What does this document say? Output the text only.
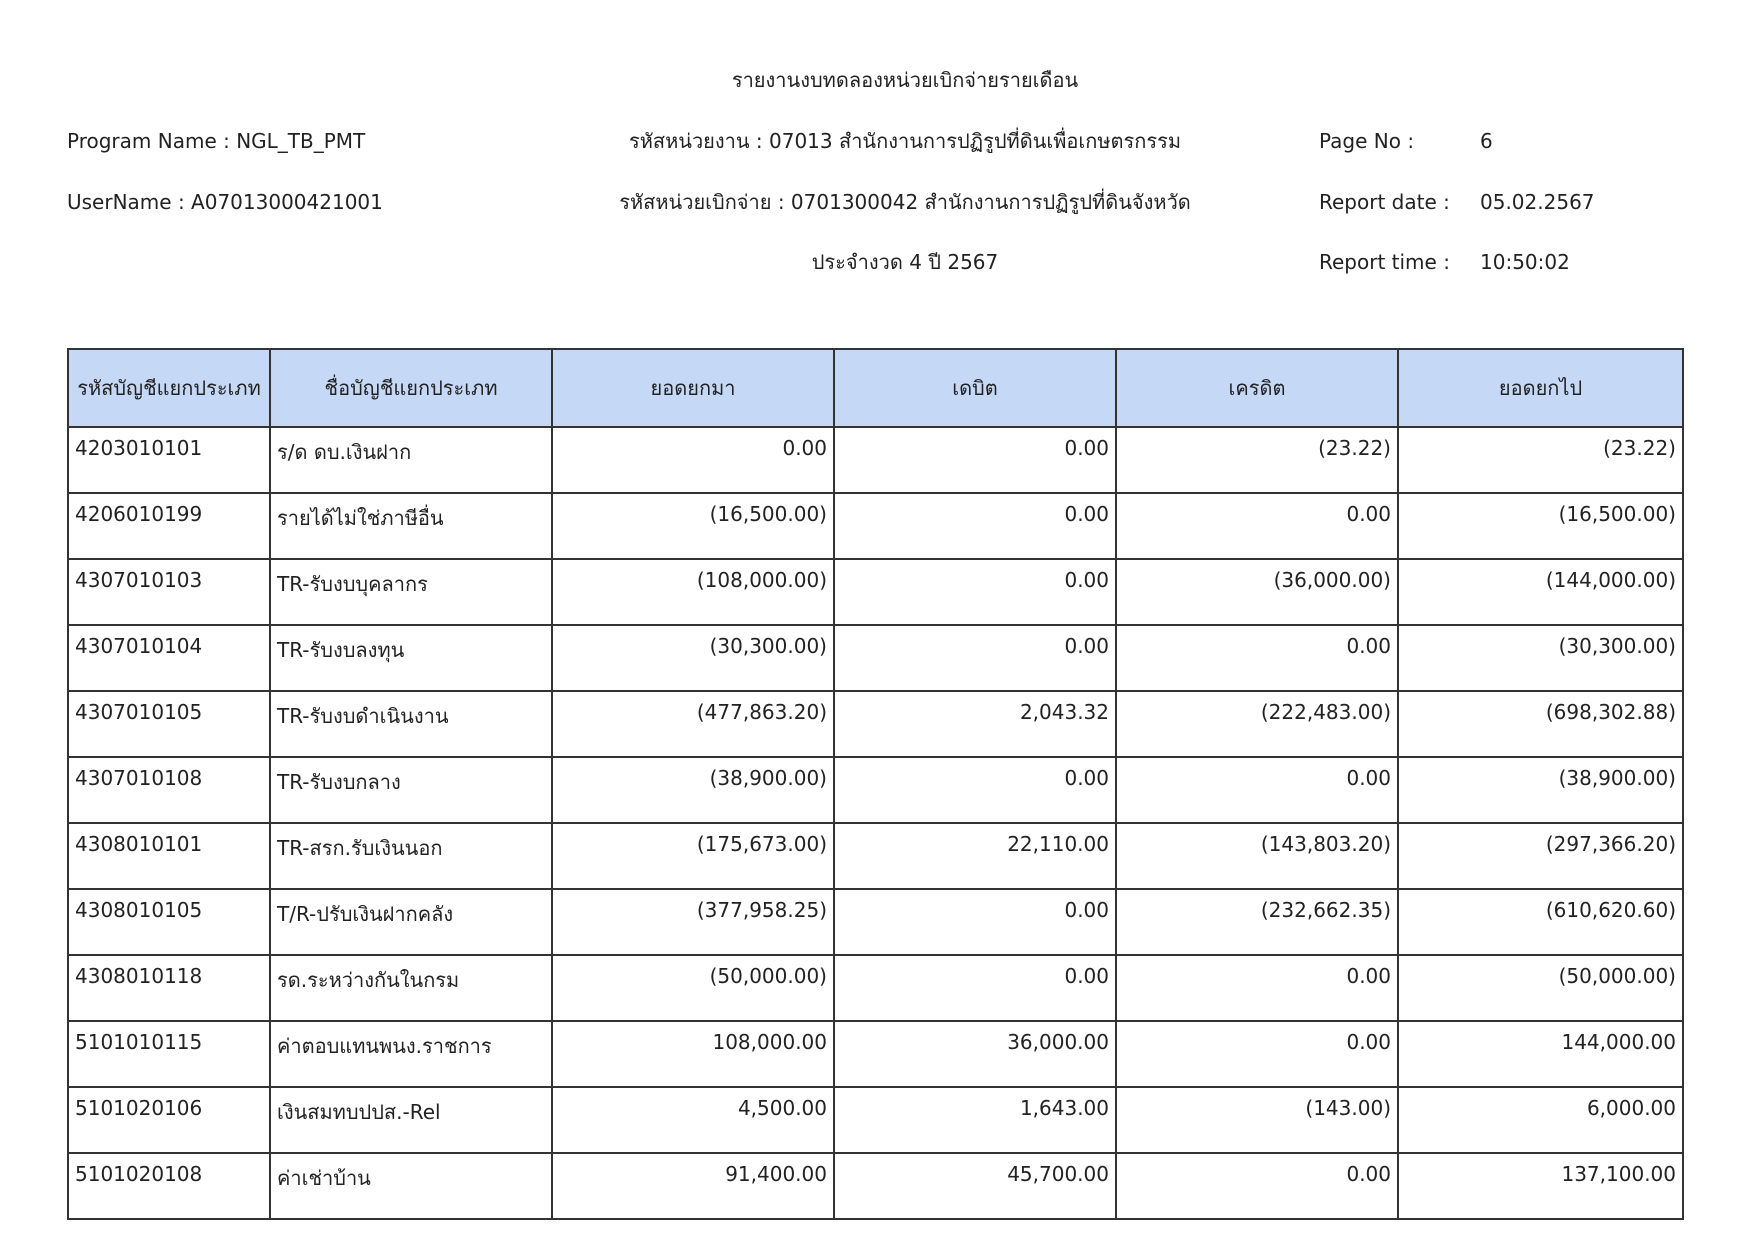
รายงานงบทดลองหน่วยเบิกจ่ายรายเดือน
Program Name : NGL_TB_PMT	รหัสหน่วยงาน : 07013 สำนักงานการปฏิรูปที่ดินเพื่อเกษตรกรรม	Page No :	6
UserName : A07013000421001	รหัสหน่วยเบิกจ่าย : 0701300042 สำนักงานการปฏิรูปที่ดินจังหวัด	Report date : 05.02.2567
ประจำงวด 4 ปี 2567	Report time : 10:50:02
รหัสบัญชีแยกประเภท	ชื่อบัญชีแยกประเภท	ยอดยกมา	เดบิต	เครดิต	ยอดยกไป
4203010101	ร/ด ดบ.เงินฝาก	0.00	0.00	(23.22)	(23.22)
4206010199	รายได้ไม่ใช่ภาษีอื่น	(16,500.00)	0.00	0.00	(16,500.00)
4307010103	TR-รับงบบุคลากร	(108,000.00)	0.00	(36,000.00)	(144,000.00)
4307010104	TR-รับงบลงทุน	(30,300.00)	0.00	0.00	(30,300.00)
4307010105	TR-รับงบดำเนินงาน	(477,863.20)	2,043.32	(222,483.00)	(698,302.88)
4307010108	TR-รับงบกลาง	(38,900.00)	0.00	0.00	(38,900.00)
4308010101	TR-สรก.รับเงินนอก	(175,673.00)	22,110.00	(143,803.20)	(297,366.20)
4308010105	T/R-ปรับเงินฝากคลัง	(377,958.25)	0.00	(232,662.35)	(610,620.60)
4308010118	รด.ระหว่างกันในกรม	(50,000.00)	0.00	0.00	(50,000.00)
5101010115	ค่าตอบแทนพนง.ราชการ	108,000.00	36,000.00	0.00	144,000.00
5101020106	เงินสมทบปปส.-Rel	4,500.00	1,643.00	(143.00)	6,000.00
5101020108	ค่าเช่าบ้าน	91,400.00	45,700.00	0.00	137,100.00
